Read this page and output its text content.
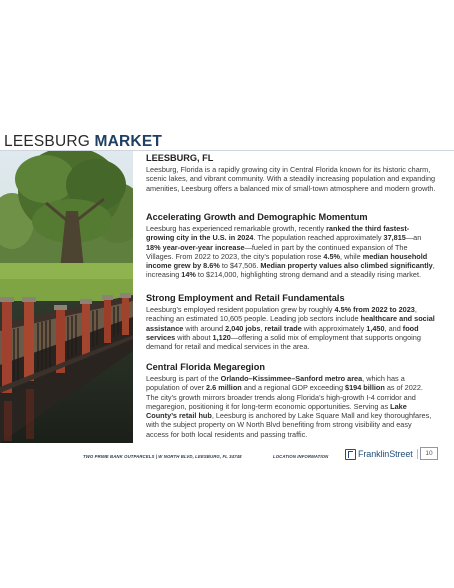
LEESBURG MARKET
LEESBURG, FL

Leesburg, Florida is a rapidly growing city in Central Florida known for its historic charm, scenic lakes, and vibrant community. With a steadily increasing population and expanding amenities, Leesburg offers a balanced mix of small-town atmosphere and modern growth.

Accelerating Growth and Demographic Momentum

Leesburg has experienced remarkable growth, recently ranked the third fastest-growing city in the U.S. in 2024. The population reached approximately 37,815—an 18% year-over-year increase—fueled in part by the continued expansion of The Villages. From 2022 to 2023, the city’s population rose 4.5%, while median household income grew by 8.6% to $47,506. Median property values also climbed significantly, increasing 14% to $214,000, highlighting strong demand and a steadily rising market.

Strong Employment and Retail Fundamentals

Leesburg’s employed resident population grew by roughly 4.5% from 2022 to 2023, reaching an estimated 10,605 people. Leading job sectors include healthcare and social assistance with around 2,040 jobs, retail trade with approximately 1,450, and food services with about 1,120—offering a solid mix of employment that supports ongoing demand for retail and medical services in the area.

Central Florida Megaregion

Leesburg is part of the Orlando–Kissimmee–Sanford metro area, which has a population of over 2.6 million and a regional GDP exceeding $194 billion as of 2022. The city’s growth mirrors broader trends along Florida’s high-growth I-4 corridor and megaregion, positioning it for long-term economic opportunities. Serving as Lake County’s retail hub, Leesburg is anchored by Lake Square Mall and key thoroughfares, with the subject property on W North Blvd benefiting from strong visibility and easy access for both local residents and passing traffic.

TWO PRIME BANK OUTPARCELS | W NORTH BLVD, LEESBURG, FL 34748	LOCATION INFORMATION	FranklinStreet	10
